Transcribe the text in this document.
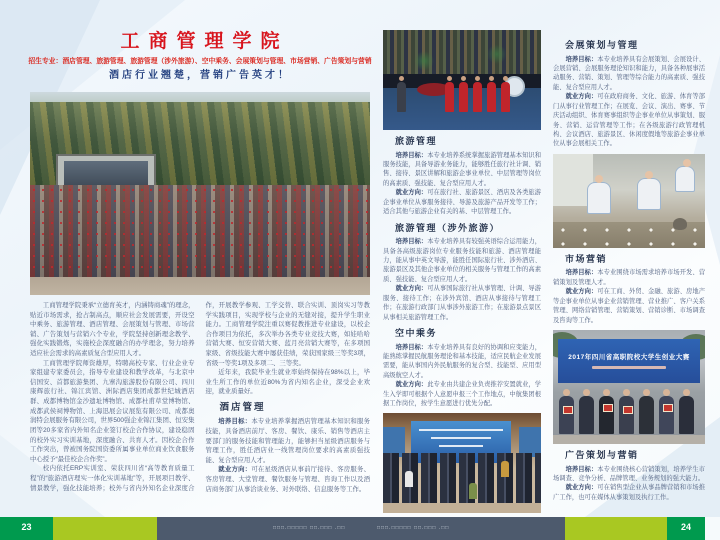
工商管理学院
招生专业：酒店管理、旅游管理、旅游管理（涉外旅游）、空中乘务、会展策划与管理、市场营销、广告策划与营销
酒店行业翘楚，营销广告英才！

工商管理学院秉承“立德育英才，内涵铸商魂”的理念，贴近市场需求，抢占制高点，顺应社会发展需要，开设空中乘务、旅游管理、酒店管理、会展策划与管理、市场营销、广告策划与营销六个专业，学院坚持创新理念教学、强化实践锻炼，实施校企深度融合的办学理念，努力培养适应社会需求的高素质复合型应用人才。

工商管理学院师资雄厚，特聘高校专家、行业企业专家组建专家委员会，指导专业建设和教学改革，与北京中信国安、首都旅游集团、九寨沟旅游股份有限公司、四川康辉旅行社、锦江宾馆、洲际酒店集团成都世纪城酒店群、成都博物馆金沙遗址博物馆、成都杜甫草堂博物馆、成都武侯祠博物馆、上海迅展会议展览有限公司、成都奥润特会展服务有限公司，世界500强企业锦江集团、恒安集团等20多家省内外知名企业签订校企合作协议，建设稳固的校外实习实训基地，深度融合、共育人才。因校企合作工作突出，曾被国务院国资委所属事业单位商业饮食服务中心授予“最佳校企合作奖”。

校内依托ERP实训室、荣获四川省“高等教育质量工程”的“旅游酒店理实一体化实训基地”等，开展项目教学、情景教学，强化技能培养；校外与省内外知名企业深度合作，开展教学参观、工学交替、联合实训、顶岗实习等教学实践项目，实现学校与企业的无缝对接，提升学生职业能力。工商管理学院注重以赛促教推进专业建设，以校企合作项目为依托，多次举办各类专业竞技大赛，如娃哈哈营销大赛、恒安营销大赛、蓝月亮营销大赛等，在多项国家级、省级技能大赛中屡获佳绩，荣获国家级三等奖3项，省级一等奖1项及多项二、三等奖。

近年来，我院毕业生就业率始终保持在98%以上，毕业生所工作的单位近80%为省内知名企业，深受企业欢迎，就业质量好。

酒店管理

培养目标：本专业培养掌握酒店管理基本知识和服务技能，具备酒店前厅、客房、餐饮、康乐、销售等酒店主要部门的服务技能和管理能力，能够担当星级酒店服务与管理工作，胜任酒店业一线管理岗位要求的高素质强技能、复合型应用人才。

就业方向：可在星级酒店从事前厅接待、客房服务、客房管理、大堂管理、餐饮服务与管理、咨询工作以及酒店商务部门从事洽谈业务、对外联络、信息服务等工作。

旅游管理

培养目标：本专业培养系统掌握旅游管理基本知识和服务技能，具备导游业务能力，能够胜任旅行社计调、销售、接待、景区讲解和旅游企事业单位、中层管理等岗位的高素质、强技能、复合型应用人才。

就业方向：可在旅行社、旅游景区、酒店及各类旅游企事业单位从事服务接待、导游及旅游产品开发等工作；适合其他与旅游企业有关的基、中层管理工作。

旅游管理（涉外旅游）

培养目标：本专业培养具有较强英语综合运用能力，具备各高级旅游岗位专业服务技能和旅游、酒店管理能力，能从事中英文导游，能胜任国际旅行社、涉外酒店、旅游景区及其他企事业单位的相关服务与管理工作的高素质、强技能、复合型应用人才。

就业方向：可从事国际旅行社从事管理、计调、导游服务、接待工作；在涉外宾馆、酒店从事接待与管理工作；在旅游行政部门从事涉外旅游工作；在旅游景点景区从事相关旅游管理工作。

空中乘务

培养目标：本专业培养具有良好的协调和应变能力，能熟练掌握民航服务理论和基本技能，适应民航企业发展需要，能从事国内外民航服务的复合型、技能型、应用型高级航空人才。

就业方向：此专业由共建企业负责推荐安置就业，学生入学即可根据个人意愿申报三个工作地点，中航集团根据工作岗位，按学生意愿进行优先分配。

会展策划与管理

培养目标：本专业培养具有会展策划、会展设计、会展营销、会展服务理论知识和能力，具备各种展事活动服务、营销、策划、管理等综合能力的高素质、强技能、复合型应用人才。

就业方向：可在政府商务、文化、旅游、体育等部门从事行业管理工作；在展览、会议、演出、赛事、节庆活动组织、体育赛事组织等企事业单位从事策划、服务、营销、运营管理等工作；在各级旅游行政管理机构、会议酒店、旅游景区、休闲度假地等旅游企事业单位从事会展相关工作。

市场营销

培养目标：本专业围绕市场需求培养市场开发、营销策划及管理人才。

就业方向：可在工商、外贸、金融、旅游、房地产等企事业单位从事企业营销管理、营业推广、客户关系管理、网络营销管理、营销策划、营销诊断、市场调查及咨询等工作。

2017年四川省高职院校大学生创业大赛
广告策划与营销

培养目标：本专业围绕核心营销策划，培养学生市场调查、竞争分析、品牌管理、业务规划的强大能力。

就业方向：可在销售型企业从事品牌营销和市场推广工作，也可在媒体从事策划及执行工作。

23	□□□.□□□□□ □□.□□□ .□□	□□□.□□□□□ □□.□□□ .□□	24
